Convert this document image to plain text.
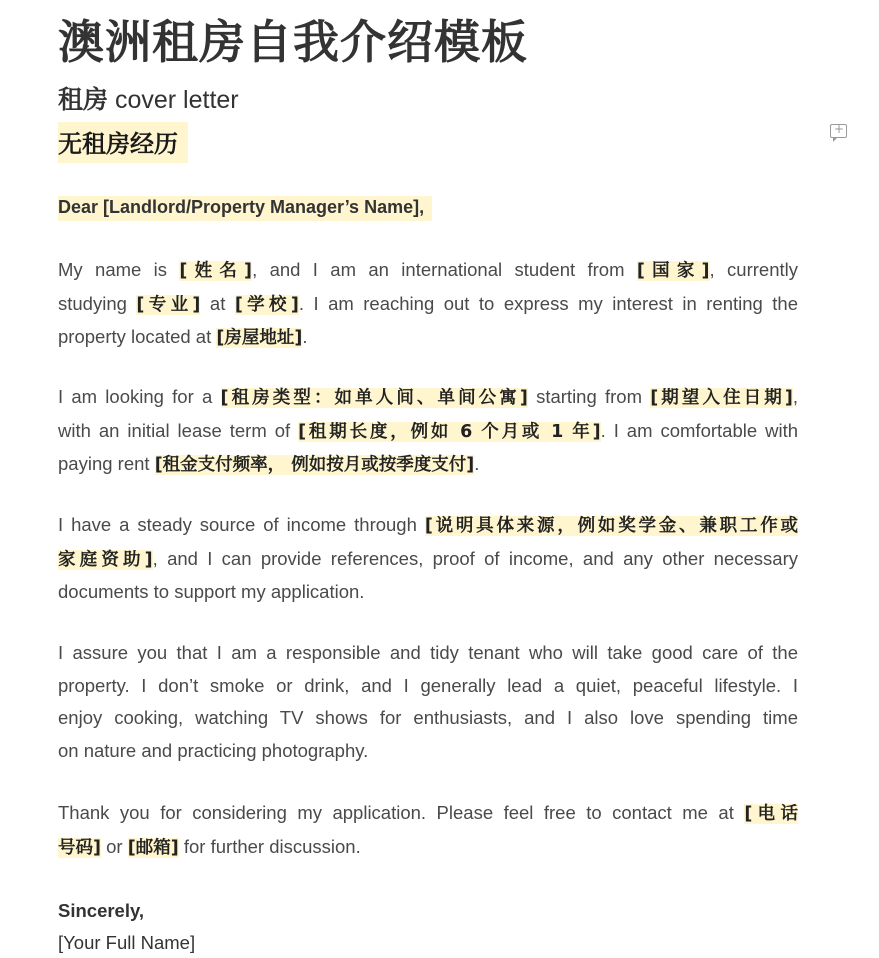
澳洲租房自我介绍模板
租房 cover letter
无租房经历
Dear [Landlord/Property Manager’s Name],
My name is [姓名], and I am an international student from [国家], currently
studying [专业] at [学校]. I am reaching out to express my interest in renting the
property located at [房屋地址].
I am looking for a [租房类型：如单人间、单间公寓] starting from [期望入住日期],
with an initial lease term of [租期长度，例如 6 个月或 1 年]. I am comfortable with
paying rent [租金支付频率， 例如按月或按季度支付].
I have a steady source of income through [说明具体来源，例如奖学金、兼职工作或
家庭资助], and I can provide references, proof of income, and any other necessary
documents to support my application.
I assure you that I am a responsible and tidy tenant who will take good care of the
property. I don’t smoke or drink, and I generally lead a quiet, peaceful lifestyle. I
enjoy cooking, watching TV shows for enthusiasts, and I also love spending time
on nature and practicing photography.
Thank you for considering my application. Please feel free to contact me at [电话
号码] or [邮箱] for further discussion.
Sincerely,
[Your Full Name]
+
